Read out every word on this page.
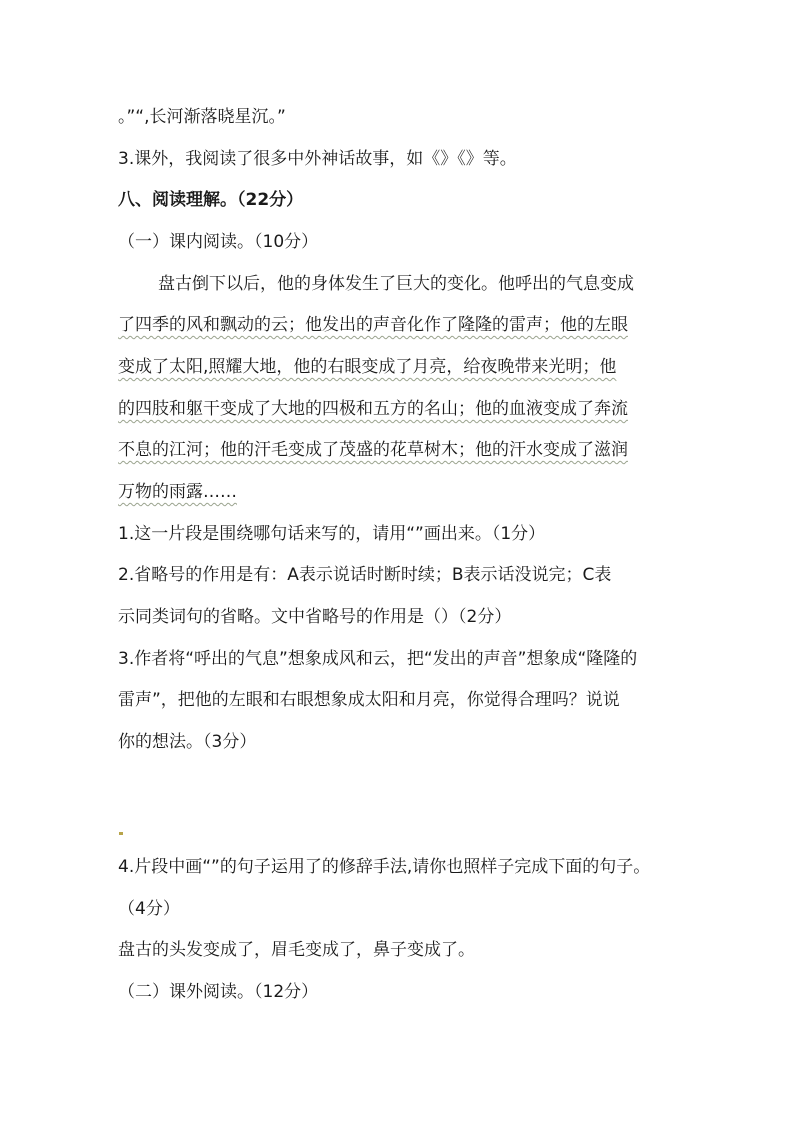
。”“,长河渐落晓星沉。”
3.课外，我阅读了很多中外神话故事，如《》《》等。
八、阅读理解。（22分）
（一）课内阅读。（10分）
盘古倒下以后，他的身体发生了巨大的变化。他呼出的气息变成
了四季的风和飘动的云；他发出的声音化作了隆隆的雷声；他的左眼
变成了太阳,照耀大地，他的右眼变成了月亮，给夜晚带来光明；他
的四肢和躯干变成了大地的四极和五方的名山；他的血液变成了奔流
不息的江河；他的汗毛变成了茂盛的花草树木；他的汗水变成了滋润
万物的雨露……
1.这一片段是围绕哪句话来写的，请用“”画出来。（1分）
2.省略号的作用是有：A表示说话时断时续；B表示话没说完；C表
示同类词句的省略。文中省略号的作用是（）（2分）
3.作者将“呼出的气息”想象成风和云，把“发出的声音”想象成“隆隆的
雷声”，把他的左眼和右眼想象成太阳和月亮，你觉得合理吗？说说
你的想法。（3分）
4.片段中画“”的句子运用了的修辞手法,请你也照样子完成下面的句子。
（4分）
盘古的头发变成了，眉毛变成了，鼻子变成了。
（二）课外阅读。（12分）
